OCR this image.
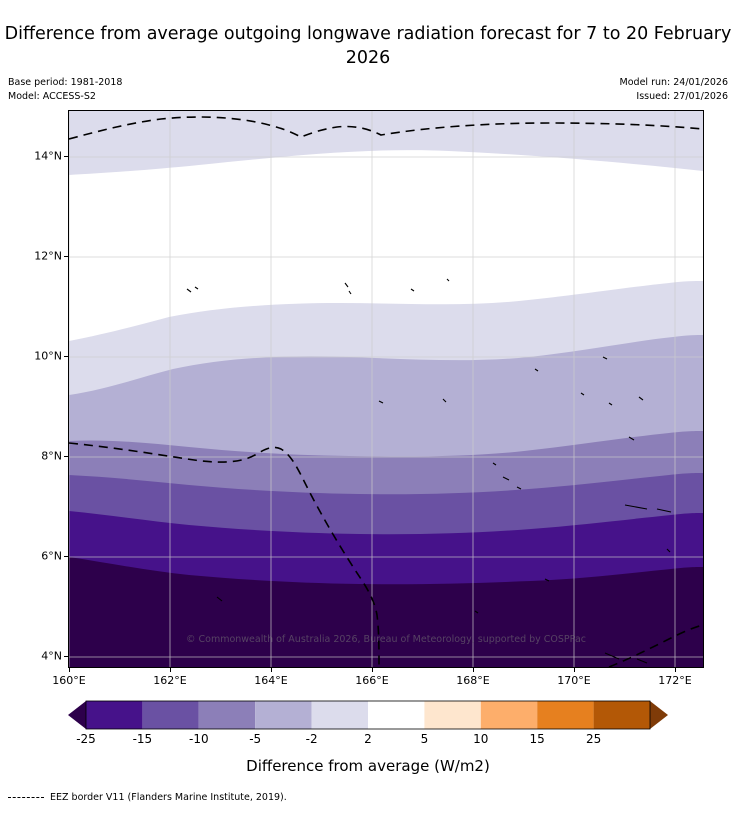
Difference from average outgoing longwave radiation forecast for 7 to 20 February 2026
Base period: 1981-2018
Model: ACCESS-S2
Model run: 24/01/2026
Issued: 27/01/2026
© Commonwealth of Australia 2026, Bureau of Meteorology, supported by COSPPac
14°N
12°N
10°N
8°N
6°N
4°N
160°E	162°E	164°E	166°E	168°E	170°E	172°E
-25	-15	-10	-5	-2	2	5	10	15	25
Difference from average (W/m2)
EEZ border V11 (Flanders Marine Institute, 2019).
